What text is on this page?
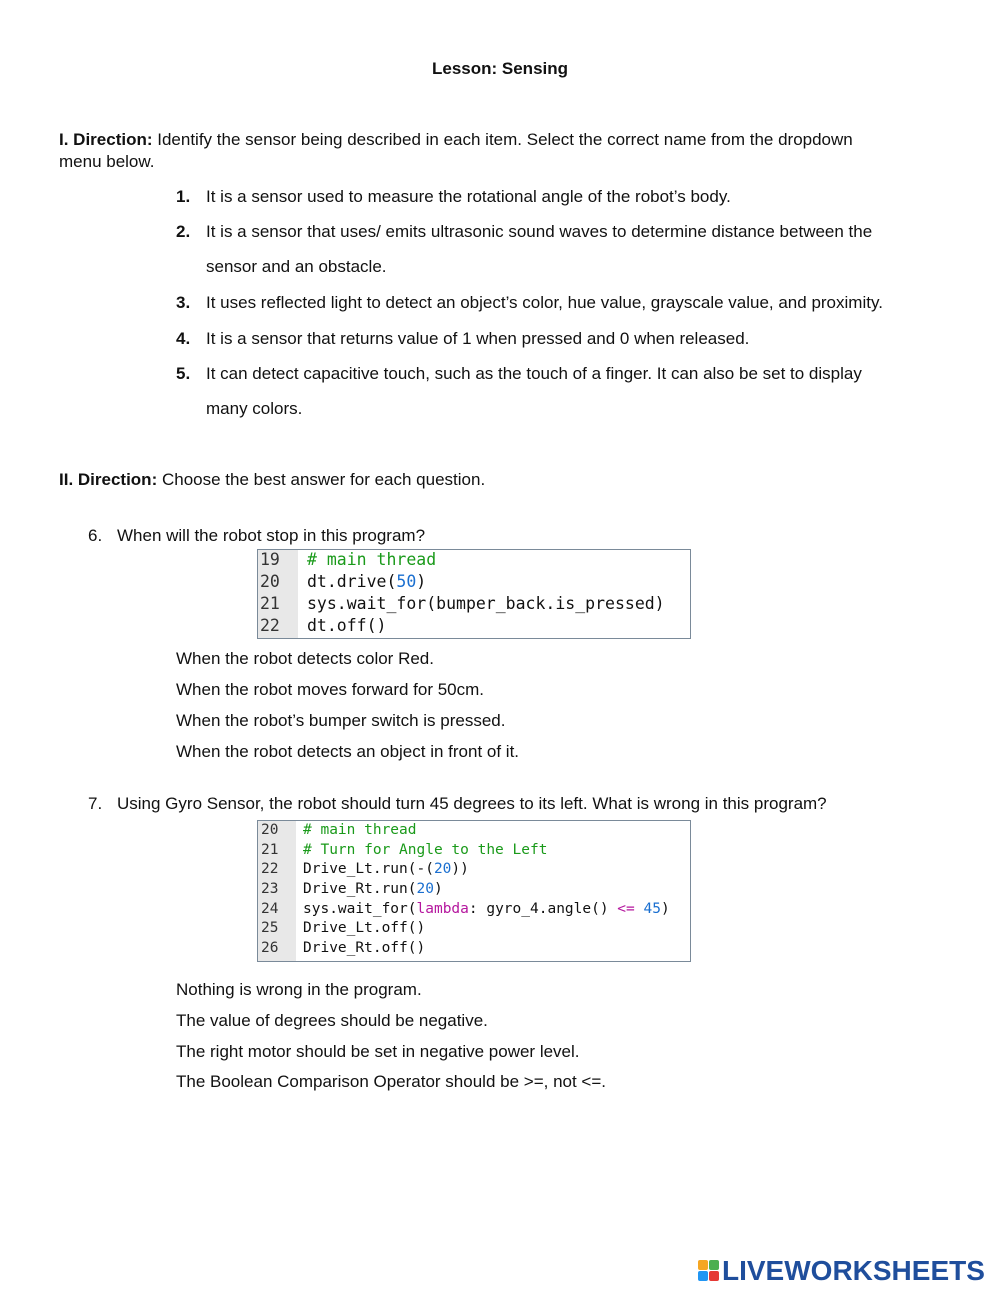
Lesson: Sensing
I. Direction: Identify the sensor being described in each item. Select the correct name from the dropdown
menu below.
1. It is a sensor used to measure the rotational angle of the robot’s body.
2. It is a sensor that uses/ emits ultrasonic sound waves to determine distance between the
sensor and an obstacle.
3. It uses reflected light to detect an object’s color, hue value, grayscale value, and proximity.
4. It is a sensor that returns value of 1 when pressed and 0 when released.
5. It can detect capacitive touch, such as the touch of a finger. It can also be set to display
many colors.
II. Direction: Choose the best answer for each question.
6. When will the robot stop in this program?
19 # main thread
20 dt.drive(50)
21 sys.wait_for(bumper_back.is_pressed)
22 dt.off()
When the robot detects color Red.
When the robot moves forward for 50cm.
When the robot’s bumper switch is pressed.
When the robot detects an object in front of it.
7. Using Gyro Sensor, the robot should turn 45 degrees to its left. What is wrong in this program?
20 # main thread
21 # Turn for Angle to the Left
22 Drive_Lt.run(-(20))
23 Drive_Rt.run(20)
24 sys.wait_for(lambda: gyro_4.angle() <= 45)
25 Drive_Lt.off()
26 Drive_Rt.off()
Nothing is wrong in the program.
The value of degrees should be negative.
The right motor should be set in negative power level.
The Boolean Comparison Operator should be >=, not <=.
LIVEWORKSHEETS
